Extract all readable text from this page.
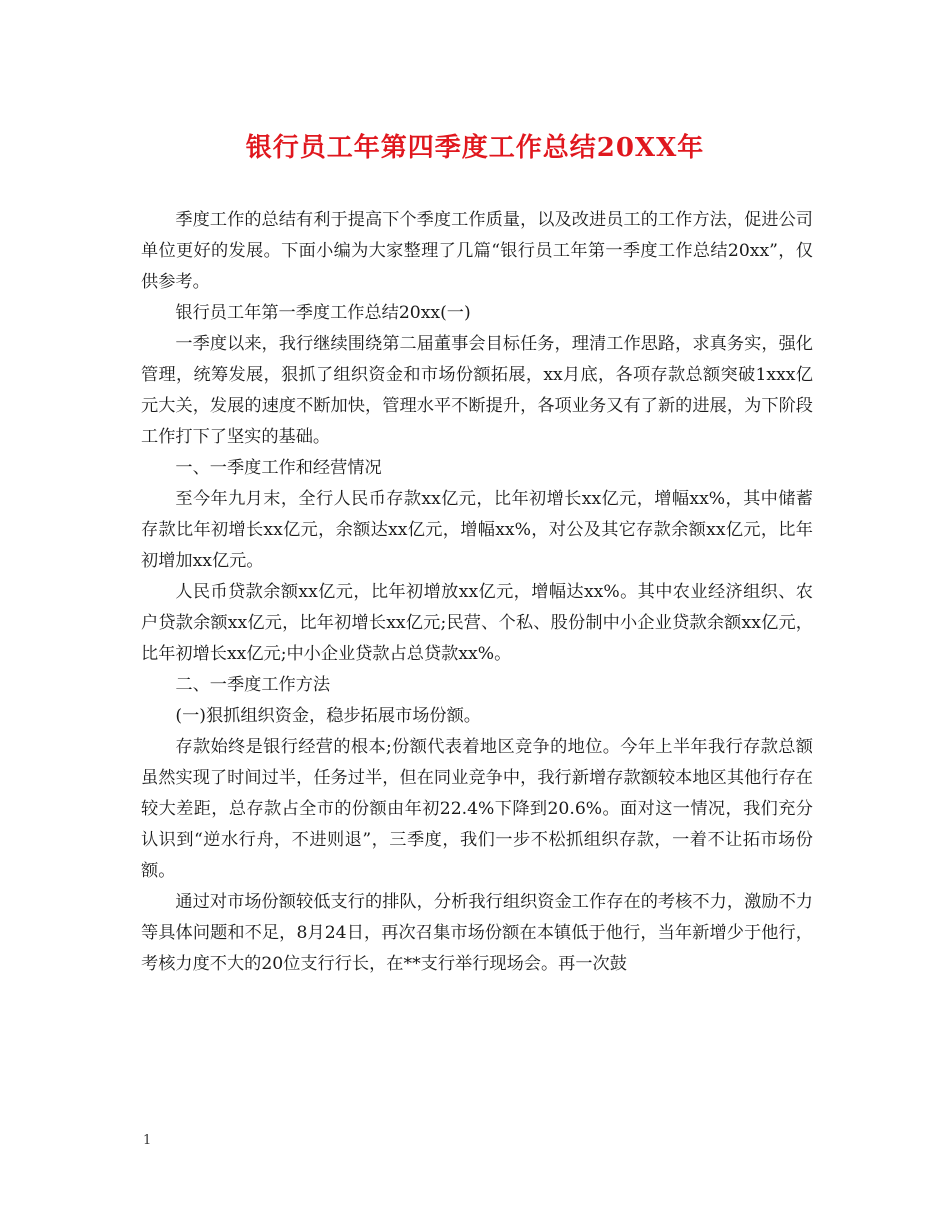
银行员工年第四季度工作总结20XX年

季度工作的总结有利于提高下个季度工作质量，以及改进员工的工作方法，促进公司单位更好的发展。下面小编为大家整理了几篇“银行员工年第一季度工作总结20xx”，仅供参考。

银行员工年第一季度工作总结20xx(一)

一季度以来，我行继续围绕第二届董事会目标任务，理清工作思路，求真务实，强化管理，统筹发展，狠抓了组织资金和市场份额拓展，xx月底，各项存款总额突破1xxx亿元大关，发展的速度不断加快，管理水平不断提升，各项业务又有了新的进展，为下阶段工作打下了坚实的基础。

一、一季度工作和经营情况

至今年九月末，全行人民币存款xx亿元，比年初增长xx亿元，增幅xx%，其中储蓄存款比年初增长xx亿元，余额达xx亿元，增幅xx%，对公及其它存款余额xx亿元，比年初增加xx亿元。

人民币贷款余额xx亿元，比年初增放xx亿元，增幅达xx%。其中农业经济组织、农户贷款余额xx亿元，比年初增长xx亿元;民营、个私、股份制中小企业贷款余额xx亿元，比年初增长xx亿元;中小企业贷款占总贷款xx%。

二、一季度工作方法

(一)狠抓组织资金，稳步拓展市场份额。

存款始终是银行经营的根本;份额代表着地区竞争的地位。今年上半年我行存款总额虽然实现了时间过半，任务过半，但在同业竞争中，我行新增存款额较本地区其他行存在较大差距，总存款占全市的份额由年初22.4%下降到20.6%。面对这一情况，我们充分认识到“逆水行舟，不进则退”，三季度，我们一步不松抓组织存款，一着不让拓市场份额。

通过对市场份额较低支行的排队，分析我行组织资金工作存在的考核不力，激励不力等具体问题和不足，8月24日，再次召集市场份额在本镇低于他行，当年新增少于他行，考核力度不大的20位支行行长，在**支行举行现场会。再一次鼓

1
